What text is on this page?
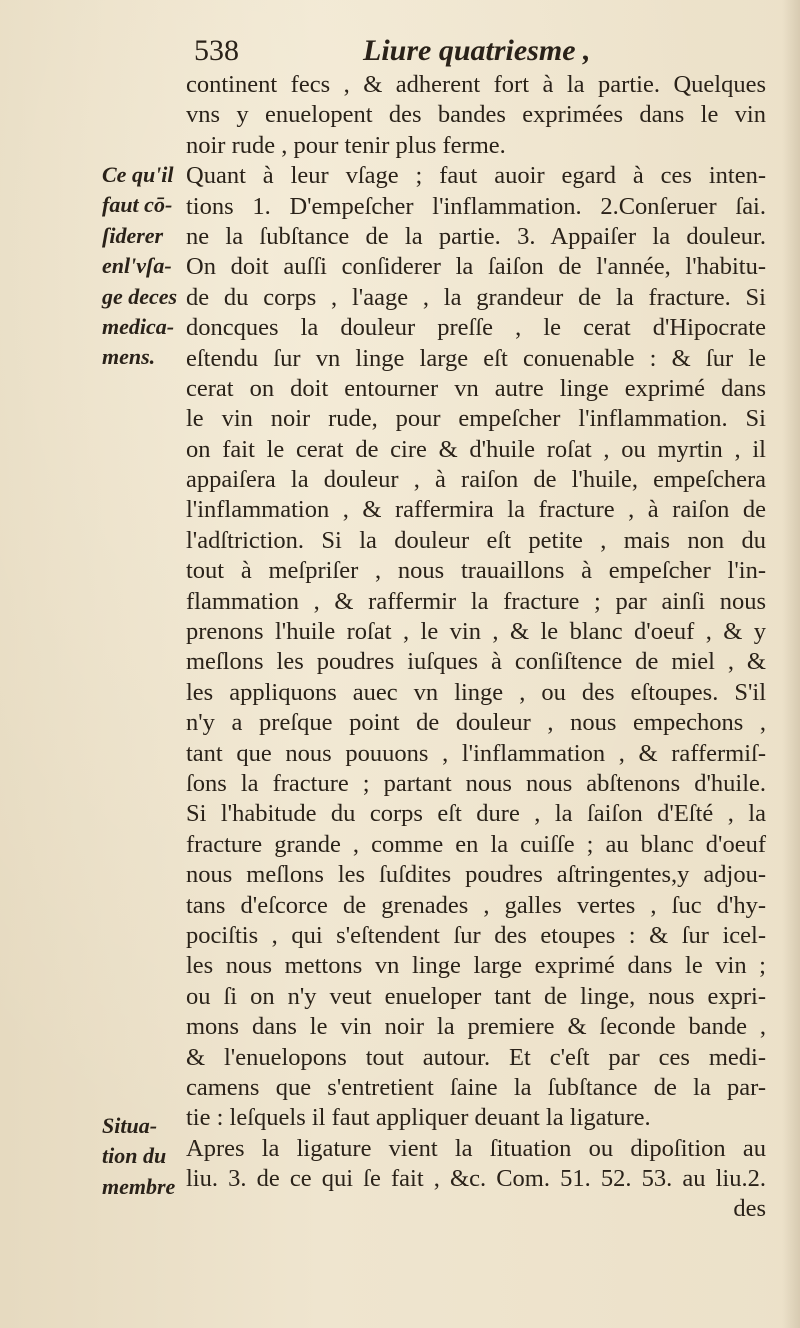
538	Liure quatriesme ,
Ce qu'il
faut cō-
ſiderer
enl'vſa-
ge deces
medica-
mens.
Situa-
tion du
membre
continent fecs , & adherent fort à la partie. Quelques
vns y enuelopent des bandes exprimées dans le vin
noir rude , pour tenir plus ferme.
Quant à leur vſage ; faut auoir egard à ces inten-
tions 1. D'empeſcher l'inflammation. 2.Conſeruer ſai.
ne la ſubſtance de la partie. 3. Appaiſer la douleur.
On doit auſſi conſiderer la ſaiſon de l'année, l'habitu-
de du corps , l'aage , la grandeur de la fracture. Si
doncques la douleur preſſe , le cerat d'Hipocrate
eſtendu ſur vn linge large eſt conuenable : & ſur le
cerat on doit entourner vn autre linge exprimé dans
le vin noir rude, pour empeſcher l'inflammation. Si
on fait le cerat de cire & d'huile roſat , ou myrtin , il
appaiſera la douleur , à raiſon de l'huile, empeſchera
l'inflammation , & raffermira la fracture , à raiſon de
l'adſtriction. Si la douleur eſt petite , mais non du
tout à meſpriſer , nous trauaillons à empeſcher l'in-
flammation , & raffermir la fracture ; par ainſi nous
prenons l'huile roſat , le vin , & le blanc d'oeuf , & y
meſlons les poudres iuſques à conſiſtence de miel , &
les appliquons auec vn linge , ou des eſtoupes. S'il
n'y a preſque point de douleur , nous empechons ,
tant que nous pouuons , l'inflammation , & raffermiſ-
ſons la fracture ; partant nous nous abſtenons d'huile.
Si l'habitude du corps eſt dure , la ſaiſon d'Eſté , la
fracture grande , comme en la cuiſſe ; au blanc d'oeuf
nous meſlons les ſuſdites poudres aſtringentes,y adjou-
tans d'eſcorce de grenades , galles vertes , ſuc d'hy-
pociſtis , qui s'eſtendent ſur des etoupes : & ſur icel-
les nous mettons vn linge large exprimé dans le vin ;
ou ſi on n'y veut enueloper tant de linge, nous expri-
mons dans le vin noir la premiere & ſeconde bande ,
& l'enuelopons tout autour. Et c'eſt par ces medi-
camens que s'entretient ſaine la ſubſtance de la par-
tie : leſquels il faut appliquer deuant la ligature.
Apres la ligature vient la ſituation ou dipoſition au
liu. 3. de ce qui ſe fait , &c. Com. 51. 52. 53. au liu.2.
des
